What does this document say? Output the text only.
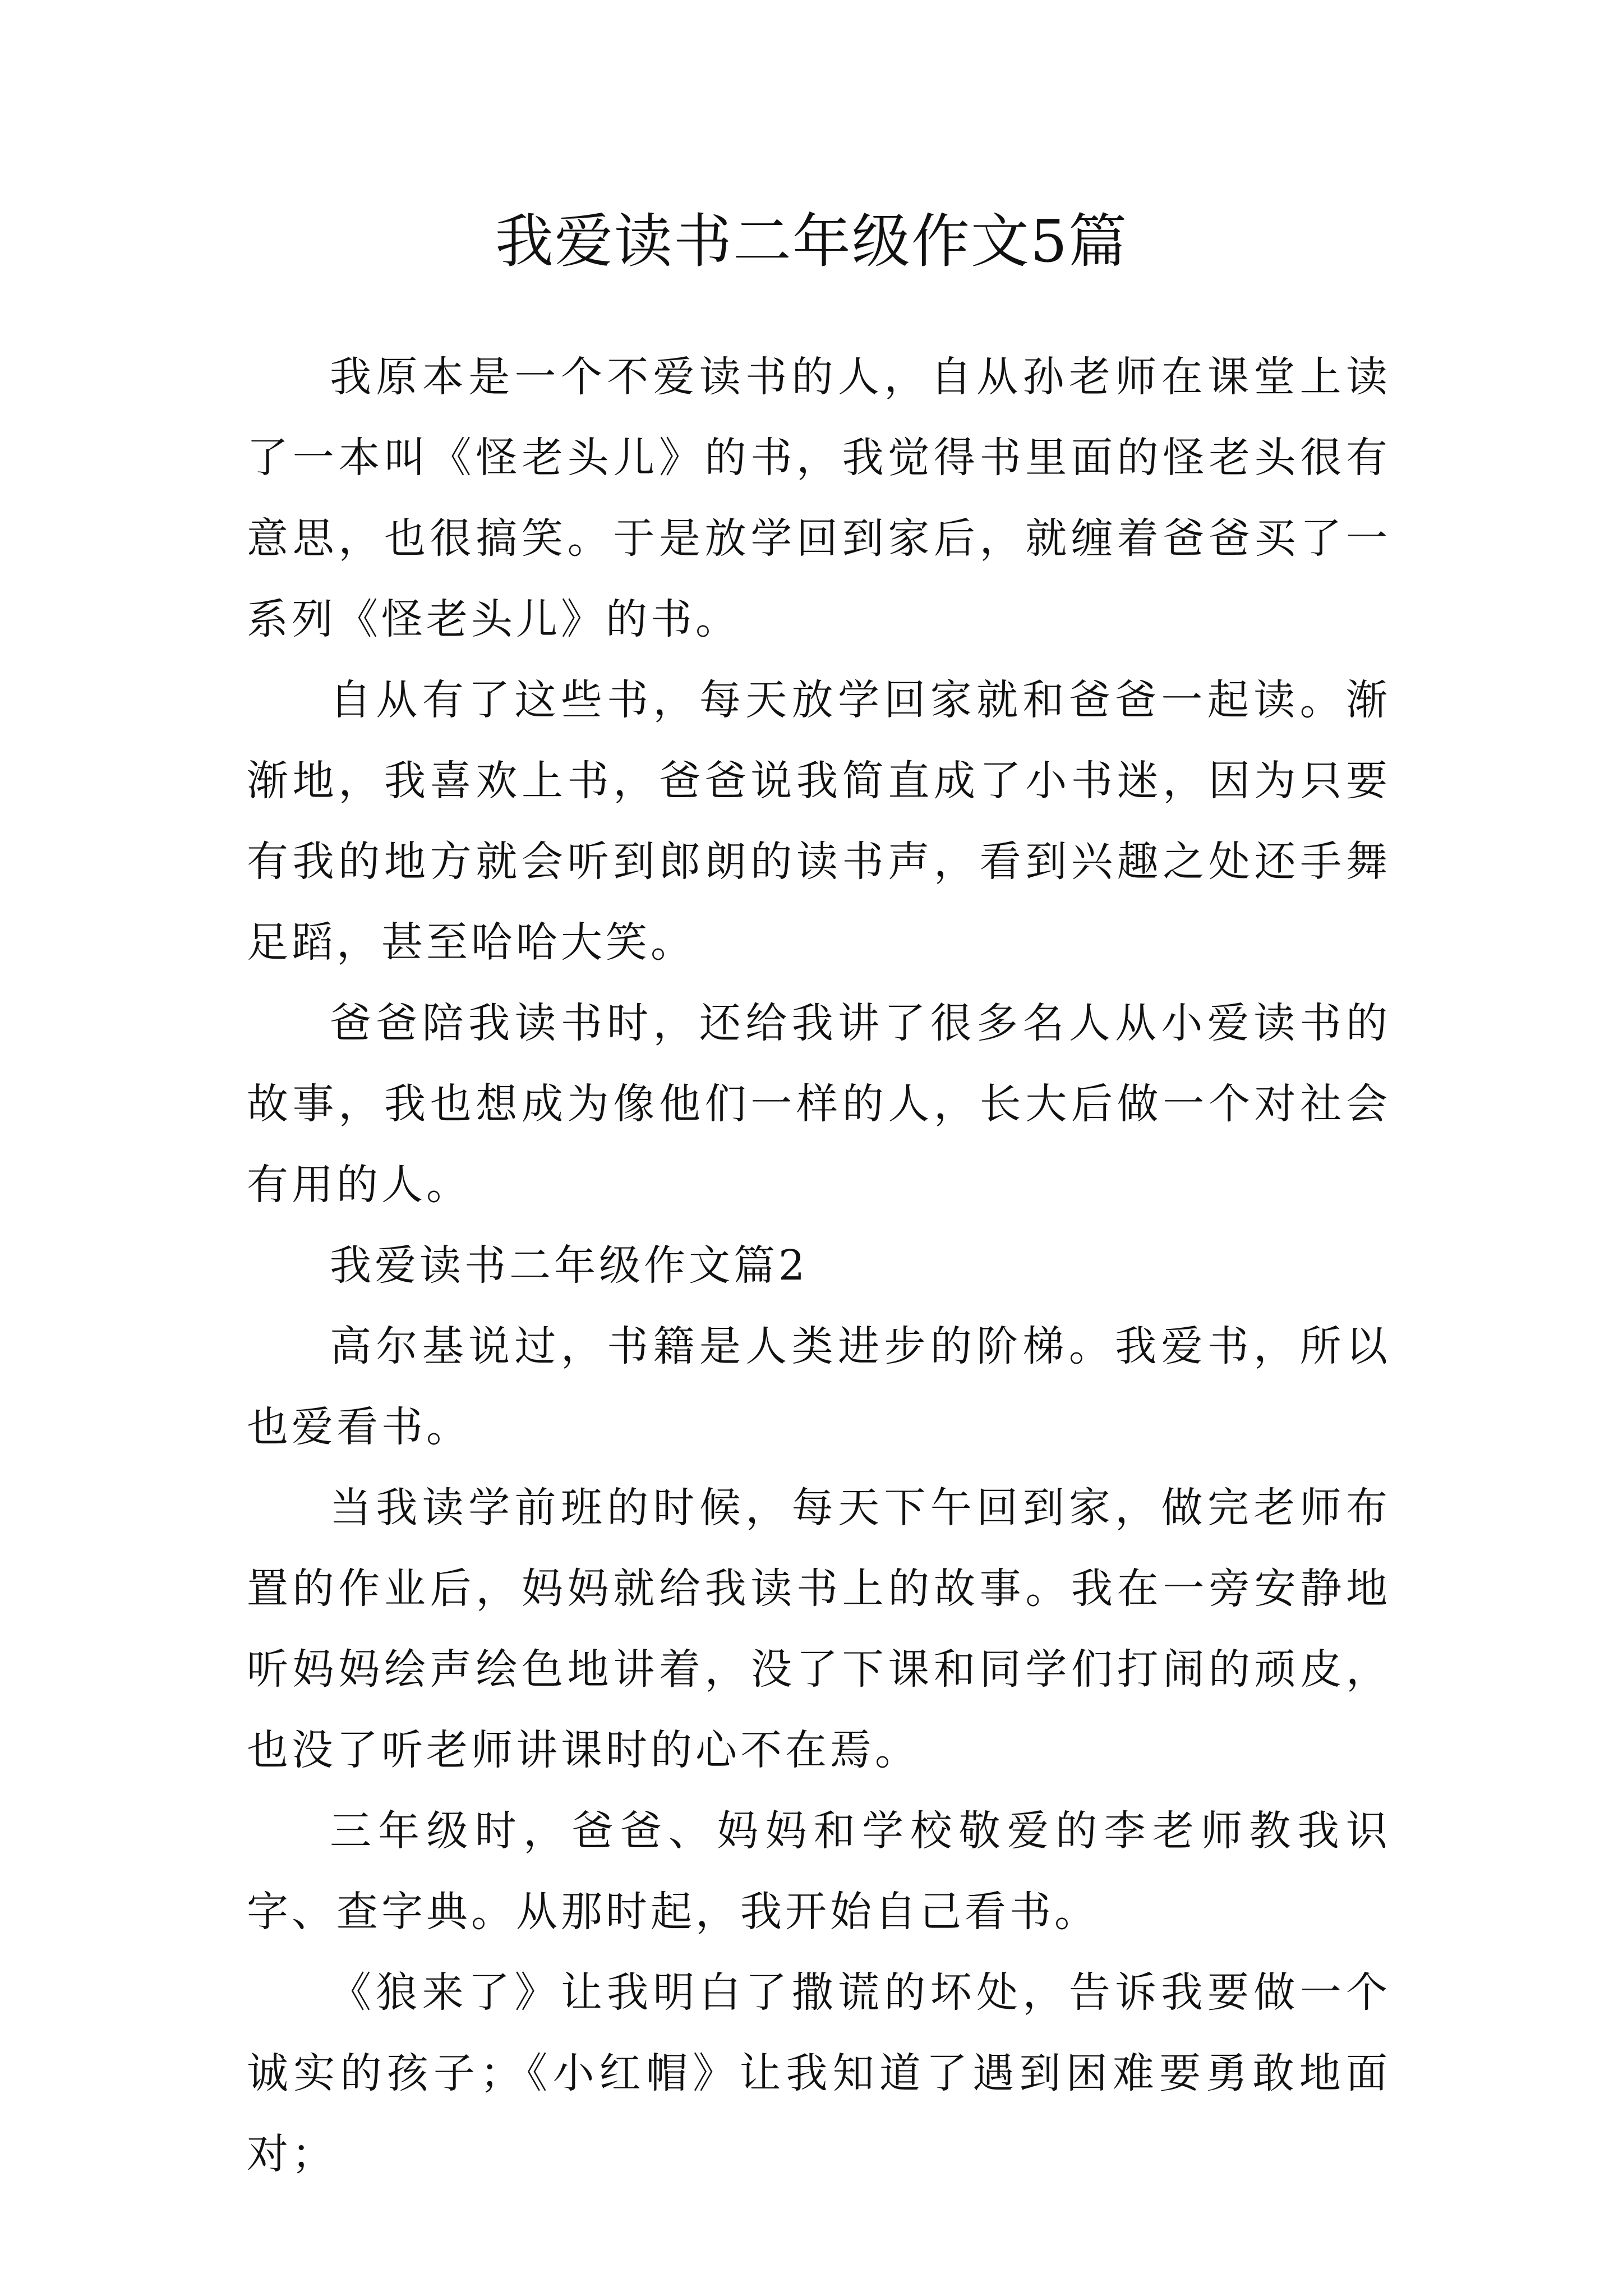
我爱读书二年级作文5篇

我原本是一个不爱读书的人，自从孙老师在课堂上读了一本叫《怪老头儿》的书，我觉得书里面的怪老头很有意思，也很搞笑。于是放学回到家后，就缠着爸爸买了一系列《怪老头儿》的书。

自从有了这些书，每天放学回家就和爸爸一起读。渐渐地，我喜欢上书，爸爸说我简直成了小书迷，因为只要有我的地方就会听到郎朗的读书声，看到兴趣之处还手舞足蹈，甚至哈哈大笑。

爸爸陪我读书时，还给我讲了很多名人从小爱读书的故事，我也想成为像他们一样的人，长大后做一个对社会有用的人。

我爱读书二年级作文篇2

高尔基说过，书籍是人类进步的阶梯。我爱书，所以也爱看书。

当我读学前班的时候，每天下午回到家，做完老师布置的作业后，妈妈就给我读书上的故事。我在一旁安静地听妈妈绘声绘色地讲着，没了下课和同学们打闹的顽皮，也没了听老师讲课时的心不在焉。

三年级时，爸爸、妈妈和学校敬爱的李老师教我识字、查字典。从那时起，我开始自己看书。

《狼来了》让我明白了撒谎的坏处，告诉我要做一个诚实的孩子；《小红帽》让我知道了遇到困难要勇敢地面对；
